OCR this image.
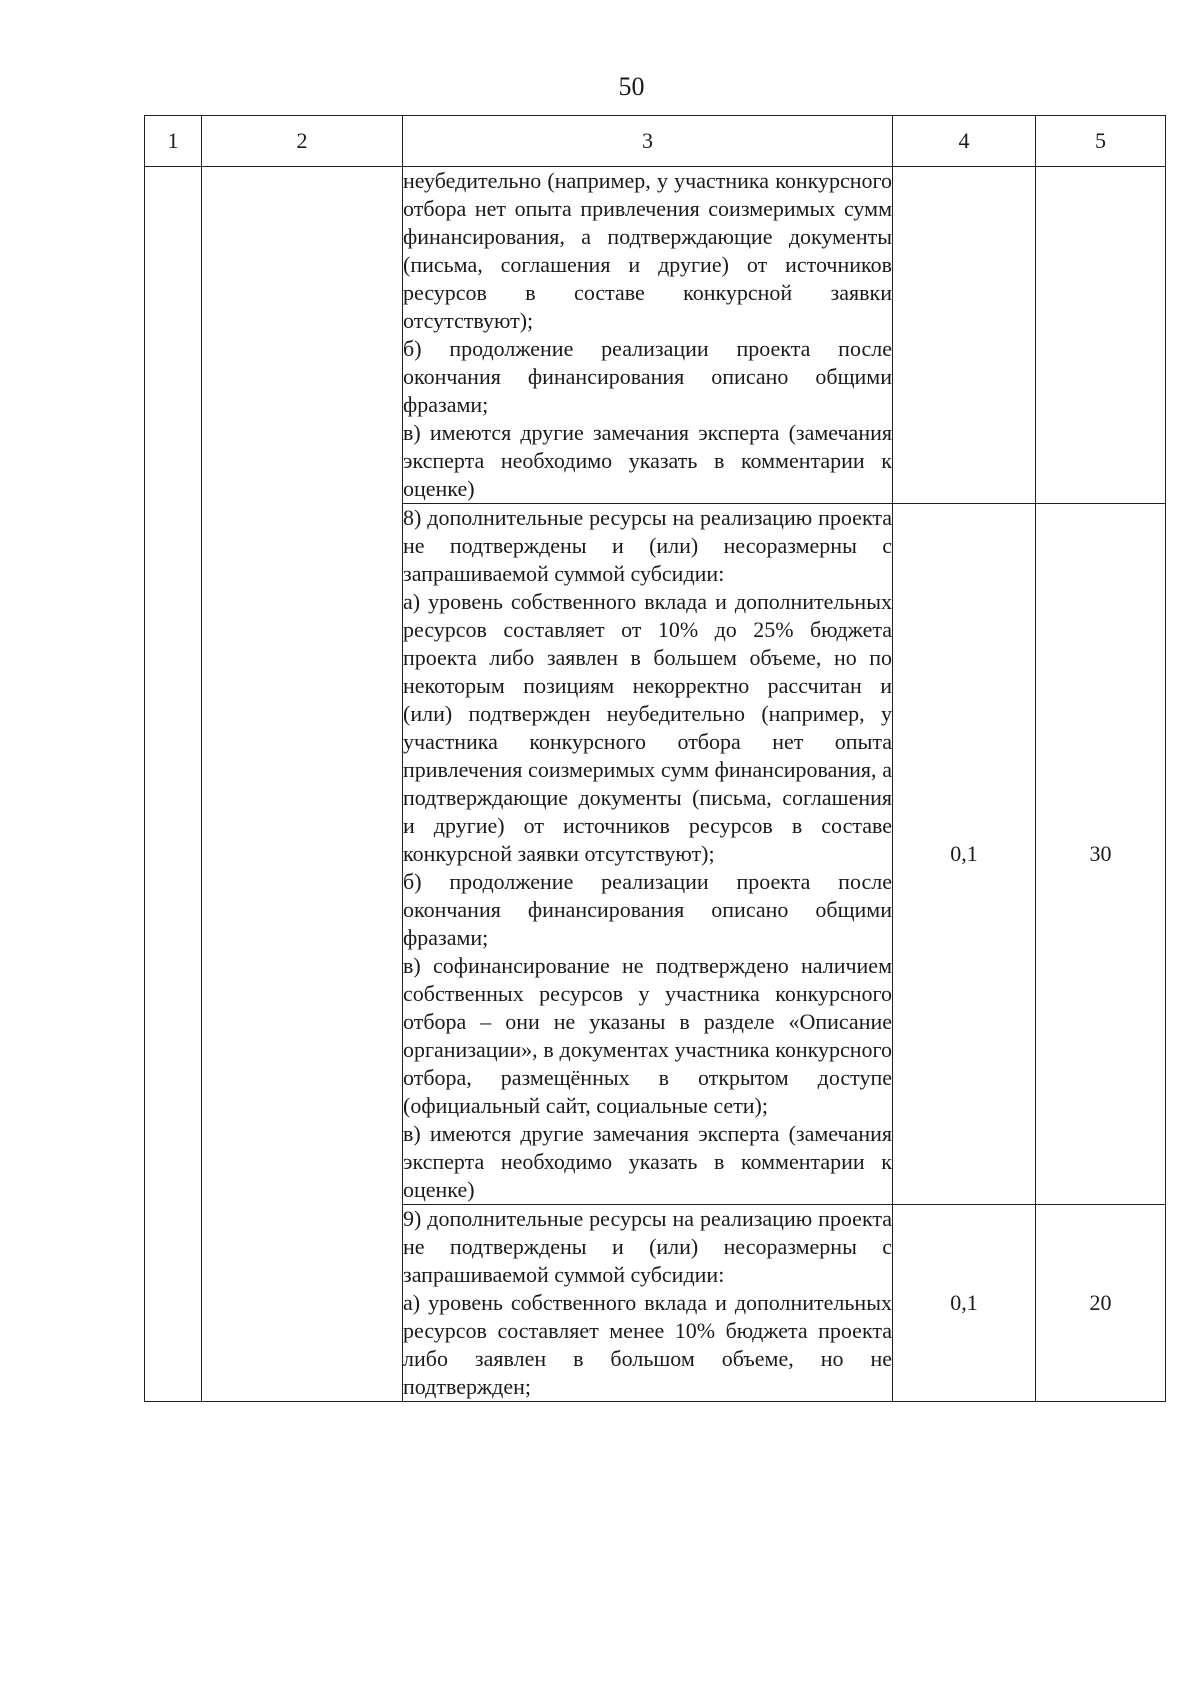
50
1	2	3	4	5

		неубедительно (например, у участника конкурсного отбора нет опыта привлечения соизмеримых сумм финансирования, а подтверждающие документы (письма, соглашения и другие) от источников ресурсов в составе конкурсной заявки отсутствуют);

б) продолжение реализации проекта после окончания финансирования описано общими фразами;

в) имеются другие замечания эксперта (замечания эксперта необходимо указать в комментарии к оценке)		

		8) дополнительные ресурсы на реализацию проекта не подтверждены и (или) несоразмерны с запрашиваемой суммой субсидии:

а) уровень собственного вклада и дополнительных ресурсов составляет от 10% до 25% бюджета проекта либо заявлен в большем объеме, но по некоторым позициям некорректно рассчитан и (или) подтвержден неубедительно (например, у участника конкурсного отбора нет опыта привлечения соизмеримых сумм финансирования, а подтверждающие документы (письма, соглашения и другие) от источников ресурсов в составе конкурсной заявки отсутствуют);

б) продолжение реализации проекта после окончания финансирования описано общими фразами;

в) софинансирование не подтверждено наличием собственных ресурсов у участника конкурсного отбора – они не указаны в разделе «Описание организации», в документах участника конкурсного отбора, размещённых в открытом доступе (официальный сайт, социальные сети);

в) имеются другие замечания эксперта (замечания эксперта необходимо указать в комментарии к оценке)	0,1	30

		9) дополнительные ресурсы на реализацию проекта не подтверждены и (или) несоразмерны с запрашиваемой суммой субсидии:

а) уровень собственного вклада и дополнительных ресурсов составляет менее 10% бюджета проекта либо заявлен в большом объеме, но не подтвержден;	0,1	20
